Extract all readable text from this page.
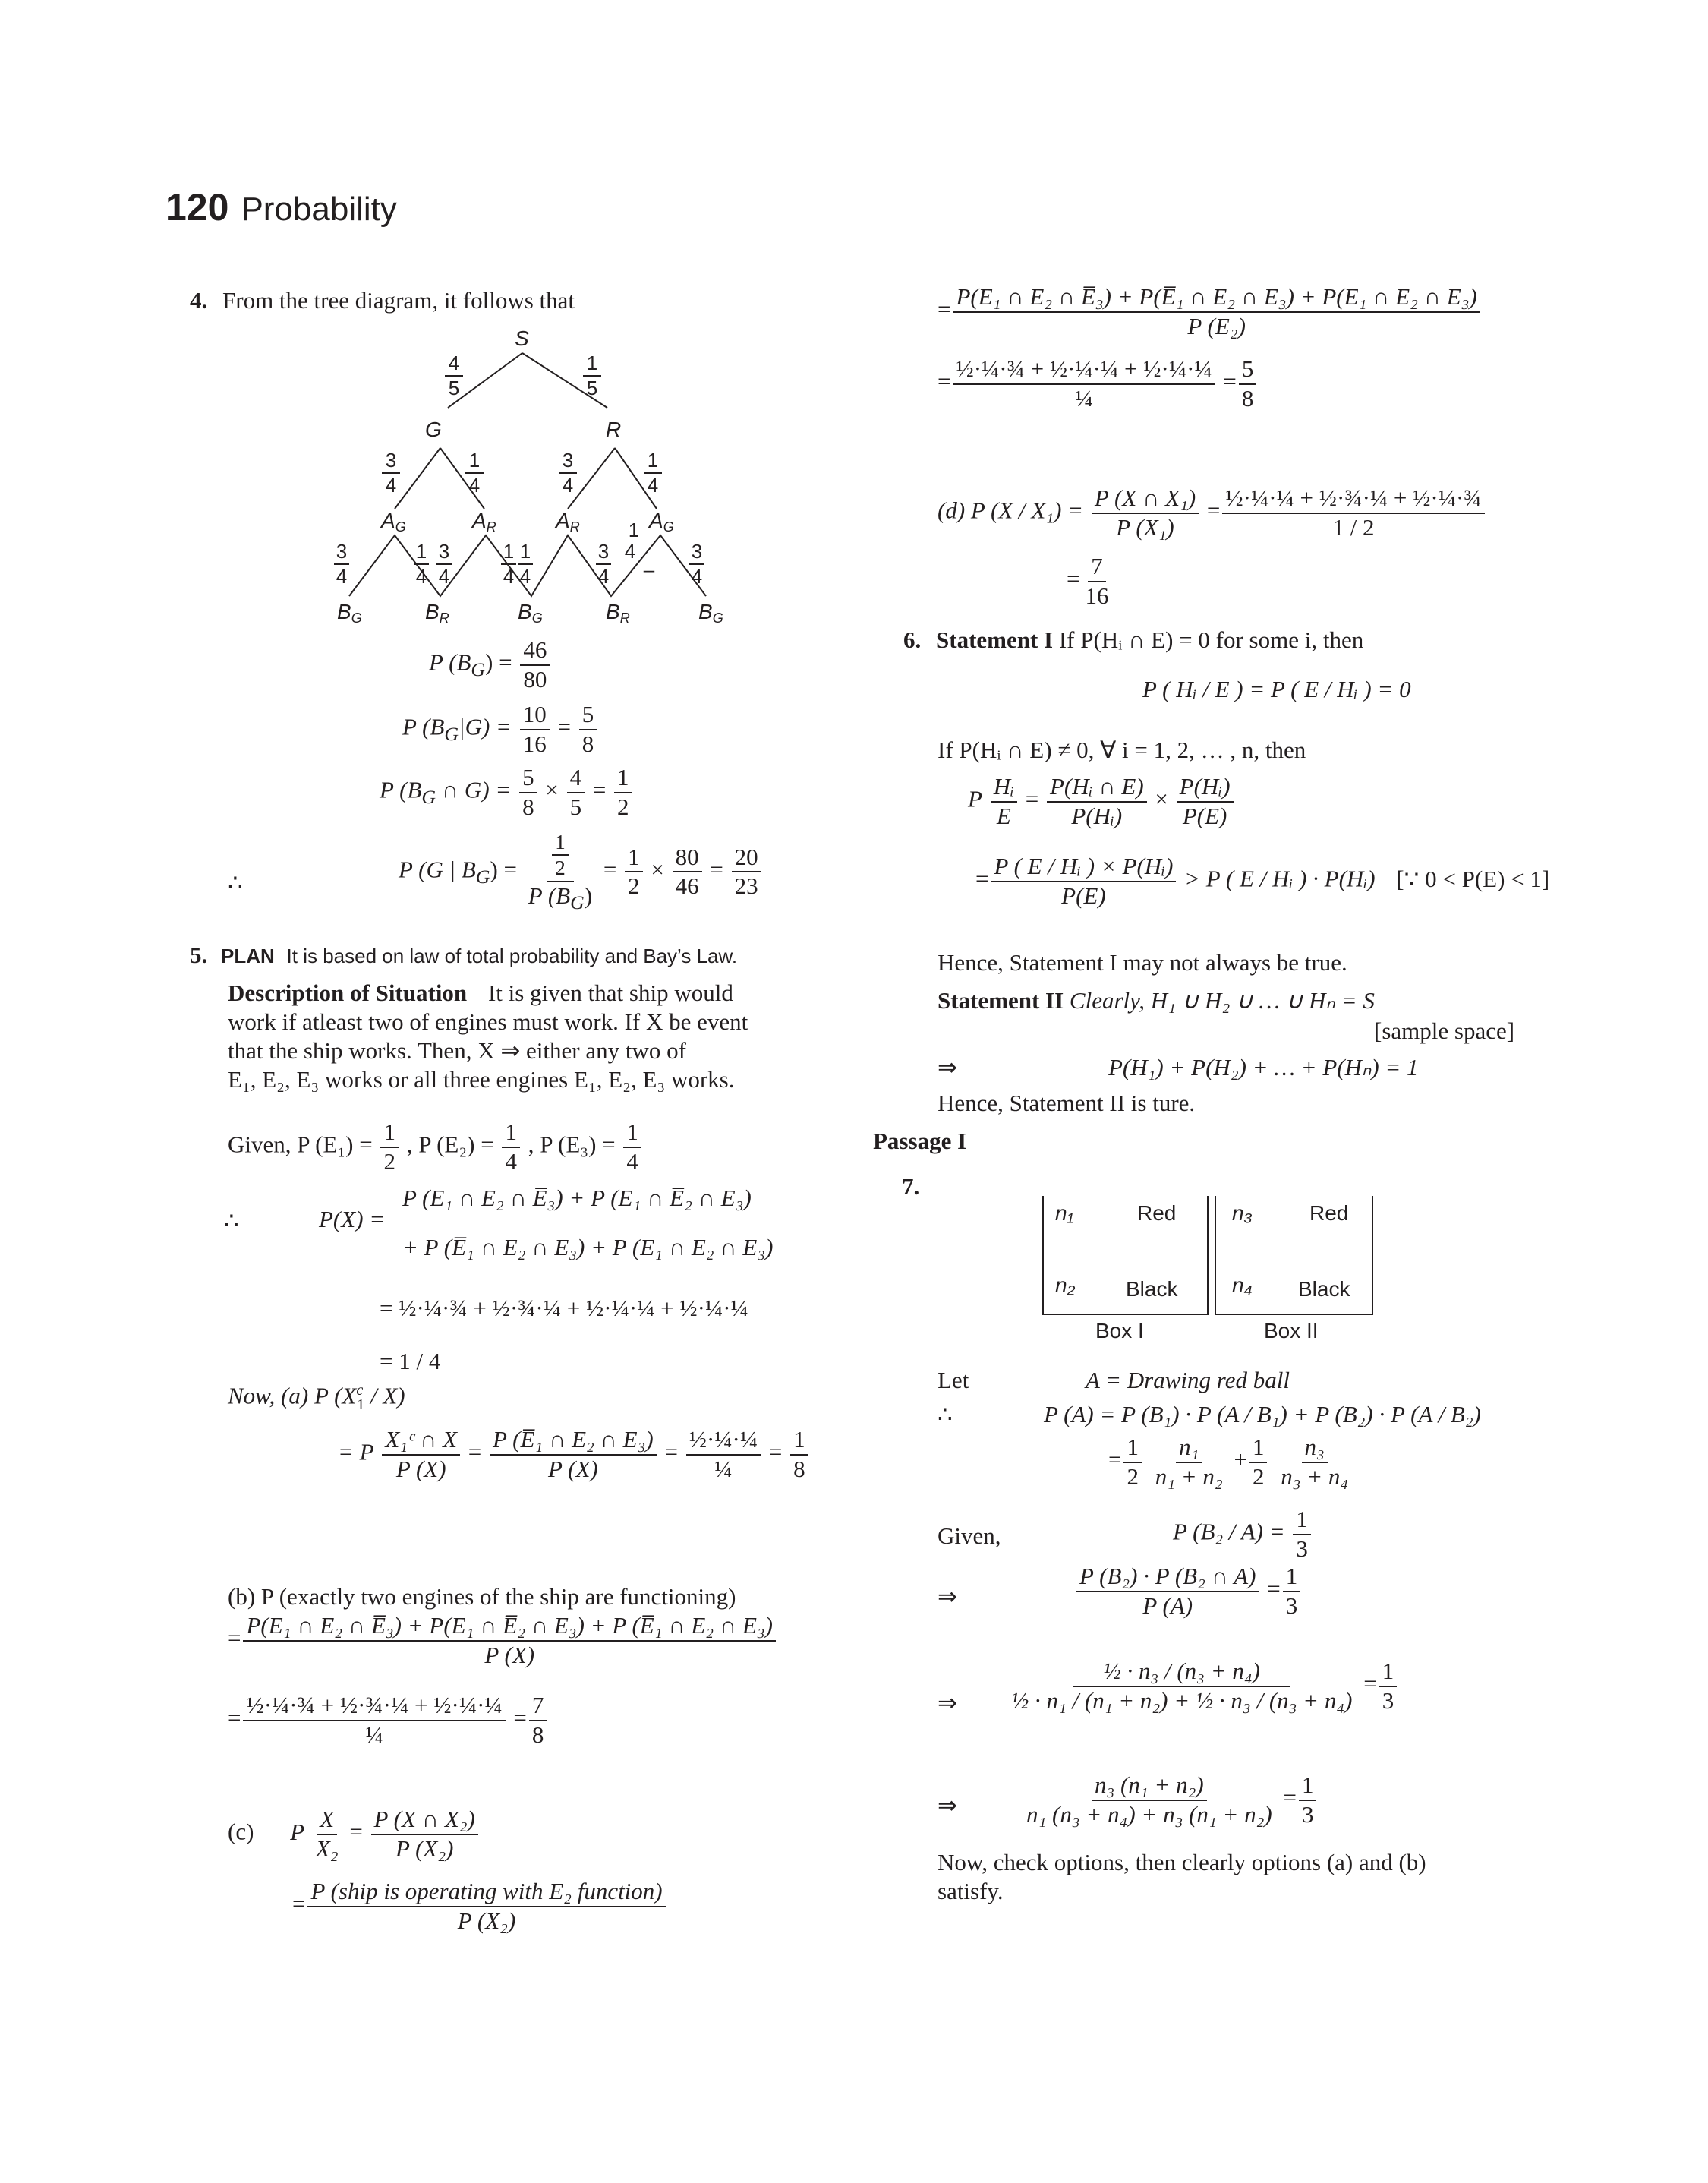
120 Probability
4. From the tree diagram, it follows that
S
G	R
4
5
1
5
3
4
1
4
3
4
1
4
3
4
1
4
3
4
1
4
1
4
3
4
1
4
–
3
4
AG	AR	AR	AG
BG	BR	BG	BR	BG
P $(B_G) = \frac{46}{80}$
P $(B_G|G) = \frac{10}{16} = \frac{5}{8}$
P ($B_G$ ∩ $G) = \frac{5}{8} \times \frac{4}{5} = \frac{1}{2}$
∴	P (G | $B_G) = \frac{\frac{1}{2}}{P (B_G)} = \frac{1}{2} \times \frac{80}{46} = \frac{20}{23}$
5. PLAN It is based on law of total probability and Bay’s Law.
Description of Situation It is given that ship would
work if atleast two of engines must work. If X be event
that the ship works. Then, X ⇒ either any two of
E₁, E₂, E₃ works or all three engines E₁, E₂, E₃ works.
Given, P $(E_1) = \frac{1}{2}$ , P $(E_2) = \frac{1}{4}$ , P $(E_3) = \frac{1}{4}$
∴	P(X) =
P (E₁ ∩ E₂ ∩ E̅₃) + P (E₁ ∩ E̅₂ ∩ E₃)
+ P (E̅₁ ∩ E₂ ∩ E₃) + P (E₁ ∩ E₂ ∩ E₃)
= ½·¼·¾ + ½·¾·¼ + ½·¼·¼ + ½·¼·¼
= 1 / 4
Now, (a) P $(X^c_1 / X)$
= P $\frac{\text{X₁ᶜ ∩ X}}{P (X)} = \frac{\text{P (E̅₁ ∩ E₂ ∩ E₃)}}{P (X)} = \frac{\text{½·¼·¼}}{\text{¼}} = \frac{1}{8}$
(b) P (exactly two engines of the ship are functioning)
= $\frac{\text{P(E₁ ∩ E₂ ∩ E̅₃) + P(E₁ ∩ E̅₂ ∩ E₃) + P (E̅₁ ∩ E₂ ∩ E₃)}}{P (X)}$
= $\frac{\text{½·¼·¾ + ½·¾·¼ + ½·¼·¼}}{\text{¼}} = \frac{7}{8}$
(c) P $\frac{X}{\text{X₂}} = \frac{\text{P (X ∩ X₂)}}{\text{P (X₂)}}$
= $\frac{\text{P (ship is operating with E₂ function)}}{\text{P (X₂)}}$
= $\frac{\text{P(E₁ ∩ E₂ ∩ E̅₃) + P(E̅₁ ∩ E₂ ∩ E₃) + P(E₁ ∩ E₂ ∩ E₃)}}{\text{P (E₂)}}$
= $\frac{\text{½·¼·¾ + ½·¼·¼ + ½·¼·¼}}{\text{¼}} = \frac{5}{8}$
(d) P $(X / X_1) = \frac{\text{P (X ∩ X₁)}}{\text{P (X₁)}} = \frac{\text{½·¼·¼ + ½·¾·¼ + ½·¼·¾}}{1 / 2}$
= $\frac{7}{16}$
6. Statement I If P(Hᵢ ∩ E) = 0 for some i, then
P ( Hᵢ / E ) = P ( E / Hᵢ ) = 0
If P(Hᵢ ∩ E) ≠ 0, ∀ i = 1, 2, … , n, then
P $\frac{\text{Hᵢ}}{E} = \frac{\text{P(Hᵢ ∩ E)}}{\text{P(Hᵢ)}} \times \frac{\text{P(Hᵢ)}}{P(E)}$
= $\frac{\text{P ( E / Hᵢ ) × P(Hᵢ)}}{P(E)} > P$ ( E / Hᵢ ) · P(Hᵢ) [∵ 0 < P(E) < 1]
Hence, Statement I may not always be true.
Statement II Clearly, H₁ ∪ H₂ ∪ … ∪ Hₙ = S
[sample space]
⇒	P(H₁) + P(H₂) + … + P(Hₙ) = 1
Hence, Statement II is ture.
Passage I
7.
n₁	Red
n₂ Black
Box I
n₃	Red
n₄ Black
Box II
Let	A = Drawing red ball
∴	P (A) = P (B₁) · P (A / B₁) + P (B₂) · P (A / B₂)
= $\frac{1}{2}$
$\frac{\text{n₁}}{\text{n₁ + n₂}} + \frac{1}{2}$
$\frac{\text{n₃}}{\text{n₃ + n₄}}$
Given,	P $(B_2 / A) = \frac{1}{3}$
⇒	$\frac{\text{P (B₂) · P (B₂ ∩ A)}}{P (A)} = \frac{1}{3}$
⇒ $\frac{\text{½ · n₃ / (n₃ + n₄)}}{\text{½ · n₁ / (n₁ + n₂) + ½ · n₃ / (n₃ + n₄)}} = \frac{1}{3}$
⇒	$\frac{\text{n₃ (n₁ + n₂)}}{\text{n₁ (n₃ + n₄) + n₃ (n₁ + n₂)}} = \frac{1}{3}$
Now, check options, then clearly options (a) and (b)
satisfy.
